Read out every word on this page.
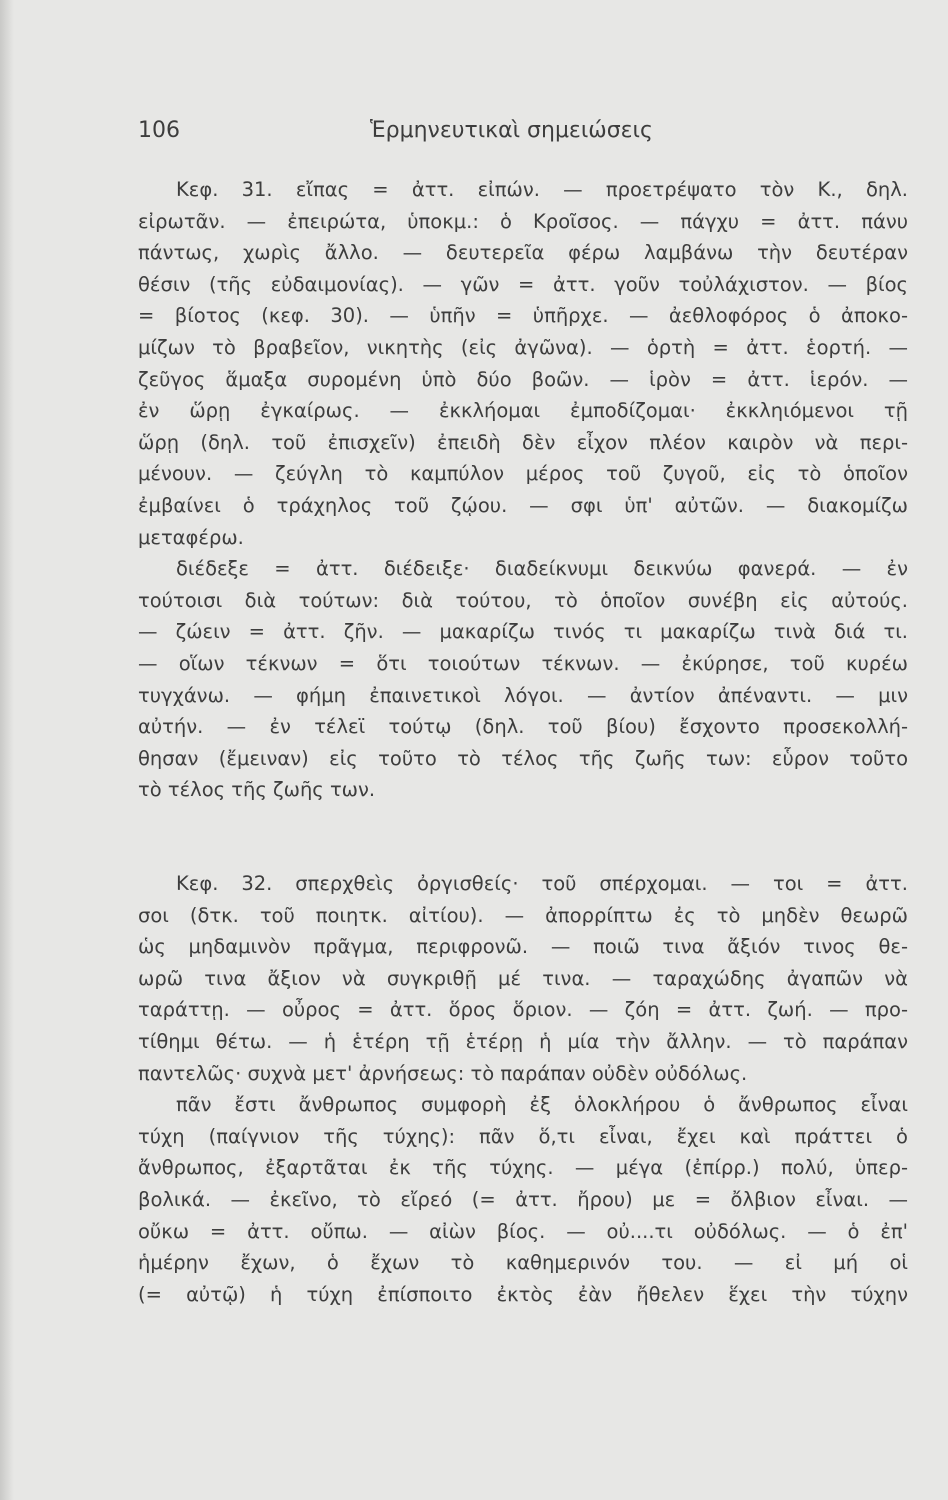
106	Ἑρμηνευτικαὶ σημειώσεις
Κεφ. 31. εἴπας = ἀττ. εἰπών. — προετρέψατο τὸν Κ., δηλ.
εἰρωτᾶν. — ἐπειρώτα, ὑποκμ.: ὁ Κροῖσος. — πάγχυ = ἀττ. πάνυ
πάντως, χωρὶς ἄλλο. — δευτερεῖα φέρω λαμβάνω τὴν δευτέραν
θέσιν (τῆς εὐδαιμονίας). — γῶν = ἀττ. γοῦν τοὐλάχιστον. — βίος
= βίοτος (κεφ. 30). — ὑπῆν = ὑπῆρχε. — ἀεθλοφόρος ὁ ἀποκο-
μίζων τὸ βραβεῖον, νικητὴς (εἰς ἀγῶνα). — ὁρτὴ = ἀττ. ἑορτή. —
ζεῦγος ἅμαξα συρομένη ὑπὸ δύο βοῶν. — ἱρὸν = ἀττ. ἱερόν. —
ἐν ὥρῃ ἐγκαίρως. — ἐκκλήομαι ἐμποδίζομαι· ἐκκληιόμενοι τῇ
ὥρῃ (δηλ. τοῦ ἐπισχεῖν) ἐπειδὴ δὲν εἶχον πλέον καιρὸν νὰ περι-
μένουν. — ζεύγλη τὸ καμπύλον μέρος τοῦ ζυγοῦ, εἰς τὸ ὁποῖον
ἐμβαίνει ὁ τράχηλος τοῦ ζῴου. — σφι ὑπ' αὐτῶν. — διακομίζω
μεταφέρω.
διέδεξε = ἀττ. διέδειξε· διαδείκνυμι δεικνύω φανερά. — ἐν
τούτοισι διὰ τούτων: διὰ τούτου, τὸ ὁποῖον συνέβη εἰς αὐτούς.
— ζώειν = ἀττ. ζῆν. — μακαρίζω τινός τι μακαρίζω τινὰ διά τι.
— οἵων τέκνων = ὅτι τοιούτων τέκνων. — ἐκύρησε, τοῦ κυρέω
τυγχάνω. — φήμη ἐπαινετικοὶ λόγοι. — ἀντίον ἀπέναντι. — μιν
αὐτήν. — ἐν τέλεϊ τούτῳ (δηλ. τοῦ βίου) ἔσχοντο προσεκολλή-
θησαν (ἔμειναν) εἰς τοῦτο τὸ τέλος τῆς ζωῆς των: εὗρον τοῦτο
τὸ τέλος τῆς ζωῆς των.
Κεφ. 32. σπερχθεὶς ὀργισθείς· τοῦ σπέρχομαι. — τοι = ἀττ.
σοι (δτκ. τοῦ ποιητκ. αἰτίου). — ἀπορρίπτω ἐς τὸ μηδὲν θεωρῶ
ὡς μηδαμινὸν πρᾶγμα, περιφρονῶ. — ποιῶ τινα ἄξιόν τινος θε-
ωρῶ τινα ἄξιον νὰ συγκριθῇ μέ τινα. — ταραχώδης ἀγαπῶν νὰ
ταράττῃ. — οὖρος = ἀττ. ὅρος ὅριον. — ζόη = ἀττ. ζωή. — προ-
τίθημι θέτω. — ἡ ἑτέρη τῇ ἑτέρῃ ἡ μία τὴν ἄλλην. — τὸ παράπαν
παντελῶς· συχνὰ μετ' ἀρνήσεως: τὸ παράπαν οὐδὲν οὐδόλως.
πᾶν ἔστι ἄνθρωπος συμφορὴ ἐξ ὁλοκλήρου ὁ ἄνθρωπος εἶναι
τύχη (παίγνιον τῆς τύχης): πᾶν ὅ,τι εἶναι, ἔχει καὶ πράττει ὁ
ἄνθρωπος, ἐξαρτᾶται ἐκ τῆς τύχης. — μέγα (ἐπίρρ.) πολύ, ὑπερ-
βολικά. — ἐκεῖνο, τὸ εἴρεό (= ἀττ. ἤρου) με = ὄλβιον εἶναι. —
οὔκω = ἀττ. οὔπω. — αἰὼν βίος. — οὐ....τι οὐδόλως. — ὁ ἐπ'
ἡμέρην ἔχων, ὁ ἔχων τὸ καθημερινόν του. — εἰ μή οἱ
(= αὐτῷ) ἡ τύχη ἐπίσποιτο ἐκτὸς ἐὰν ἤθελεν ἕχει τὴν τύχην
